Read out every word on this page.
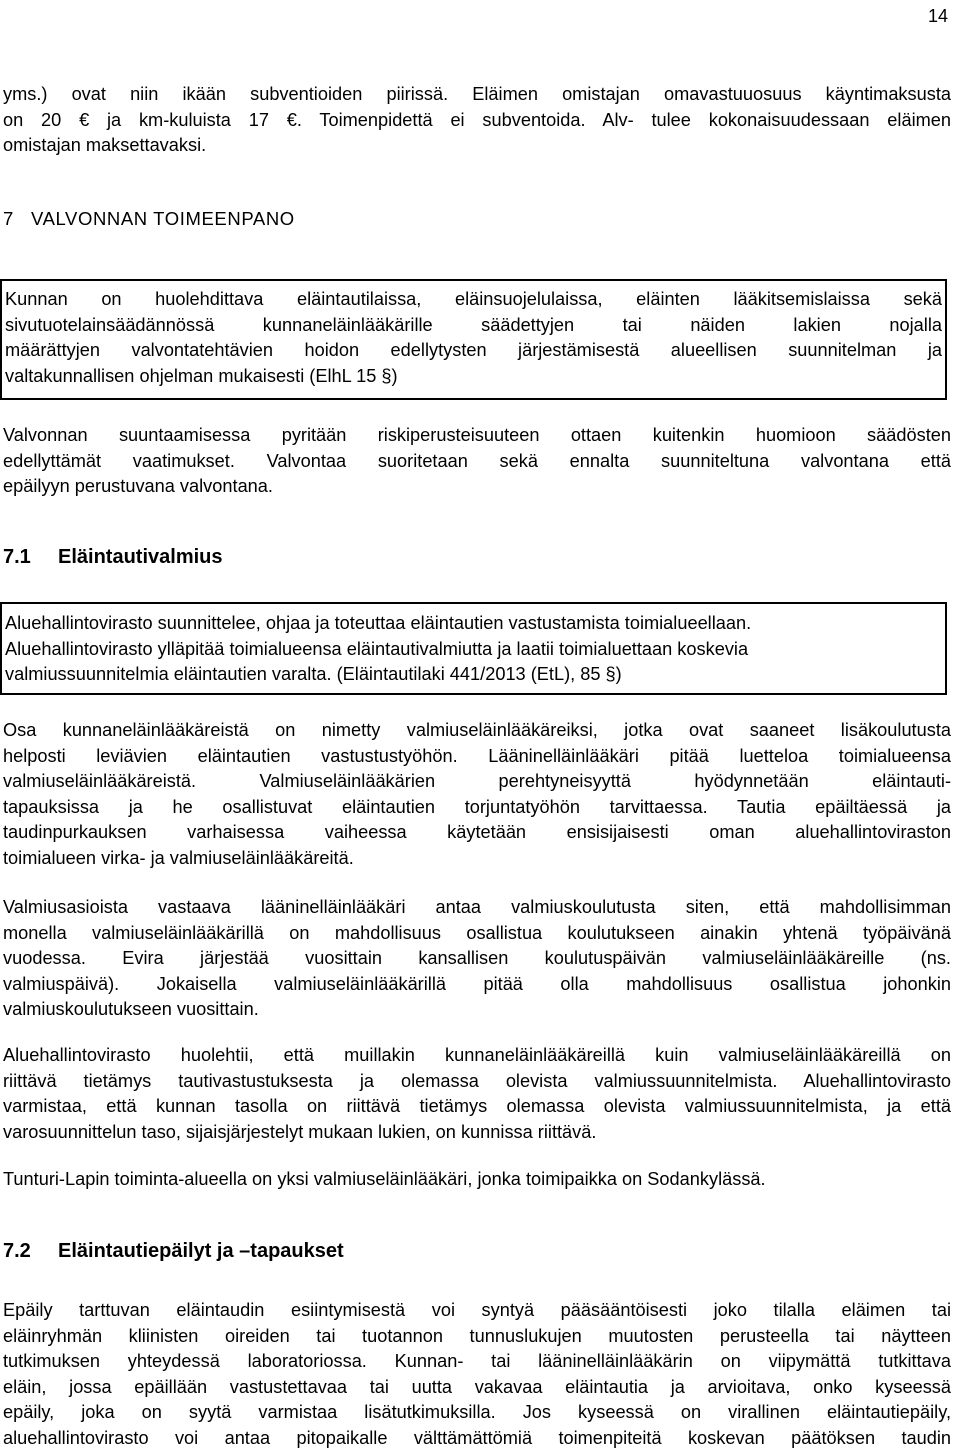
14
yms.) ovat niin ikään subventioiden piirissä. Eläimen omistajan omavastuuosuus käyntimaksusta
on 20 € ja km-kuluista 17 €. Toimenpidettä ei subventoida. Alv- tulee kokonaisuudessaan eläimen
omistajan maksettavaksi.
7 VALVONNAN TOIMEENPANO
Kunnan on huolehdittava eläintautilaissa, eläinsuojelulaissa, eläinten lääkitsemislaissa sekä
sivutuotelainsäädännössä kunnaneläinlääkärille säädettyjen tai näiden lakien nojalla
määrättyjen valvontatehtävien hoidon edellytysten järjestämisestä alueellisen suunnitelman ja
valtakunnallisen ohjelman mukaisesti (ElhL 15 §)
Valvonnan suuntaamisessa pyritään riskiperusteisuuteen ottaen kuitenkin huomioon säädösten
edellyttämät vaatimukset. Valvontaa suoritetaan sekä ennalta suunniteltuna valvontana että
epäilyyn perustuvana valvontana.
7.1 Eläintautivalmius
Aluehallintovirasto suunnittelee, ohjaa ja toteuttaa eläintautien vastustamista toimialueellaan.
Aluehallintovirasto ylläpitää toimialueensa eläintautivalmiutta ja laatii toimialuettaan koskevia
valmiussuunnitelmia eläintautien varalta. (Eläintautilaki 441/2013 (EtL), 85 §)
Osa kunnaneläinlääkäreistä on nimetty valmiuseläinlääkäreiksi, jotka ovat saaneet lisäkoulutusta
helposti leviävien eläintautien vastustustyöhön. Lääninelläinlääkäri pitää luetteloa toimialueensa
valmiuseläinlääkäreistä. Valmiuseläinlääkärien perehtyneisyyttä hyödynnetään eläintauti-
tapauksissa ja he osallistuvat eläintautien torjuntatyöhön tarvittaessa. Tautia epäiltäessä ja
taudinpurkauksen varhaisessa vaiheessa käytetään ensisijaisesti oman aluehallintoviraston
toimialueen virka- ja valmiuseläinlääkäreitä.
Valmiusasioista vastaava lääninelläinlääkäri antaa valmiuskoulutusta siten, että mahdollisimman
monella valmiuseläinlääkärillä on mahdollisuus osallistua koulutukseen ainakin yhtenä työpäivänä
vuodessa. Evira järjestää vuosittain kansallisen koulutuspäivän valmiuseläinlääkäreille (ns.
valmiuspäivä). Jokaisella valmiuseläinlääkärillä pitää olla mahdollisuus osallistua johonkin
valmiuskoulutukseen vuosittain.
Aluehallintovirasto huolehtii, että muillakin kunnaneläinlääkäreillä kuin valmiuseläinlääkäreillä on
riittävä tietämys tautivastustuksesta ja olemassa olevista valmiussuunnitelmista. Aluehallintovirasto
varmistaa, että kunnan tasolla on riittävä tietämys olemassa olevista valmiussuunnitelmista, ja että
varosuunnittelun taso, sijaisjärjestelyt mukaan lukien, on kunnissa riittävä.
Tunturi-Lapin toiminta-alueella on yksi valmiuseläinlääkäri, jonka toimipaikka on Sodankylässä.
7.2 Eläintautiepäilyt ja –tapaukset
Epäily tarttuvan eläintaudin esiintymisestä voi syntyä pääsääntöisesti joko tilalla eläimen tai
eläinryhmän kliinisten oireiden tai tuotannon tunnuslukujen muutosten perusteella tai näytteen
tutkimuksen yhteydessä laboratoriossa. Kunnan- tai lääninelläinlääkärin on viipymättä tutkittava
eläin, jossa epäillään vastustettavaa tai uutta vakavaa eläintautia ja arvioitava, onko kyseessä
epäily, joka on syytä varmistaa lisätutkimuksilla. Jos kyseessä on virallinen eläintautiepäily,
aluehallintovirasto voi antaa pitopaikalle välttämättömiä toimenpiteitä koskevan päätöksen taudin
